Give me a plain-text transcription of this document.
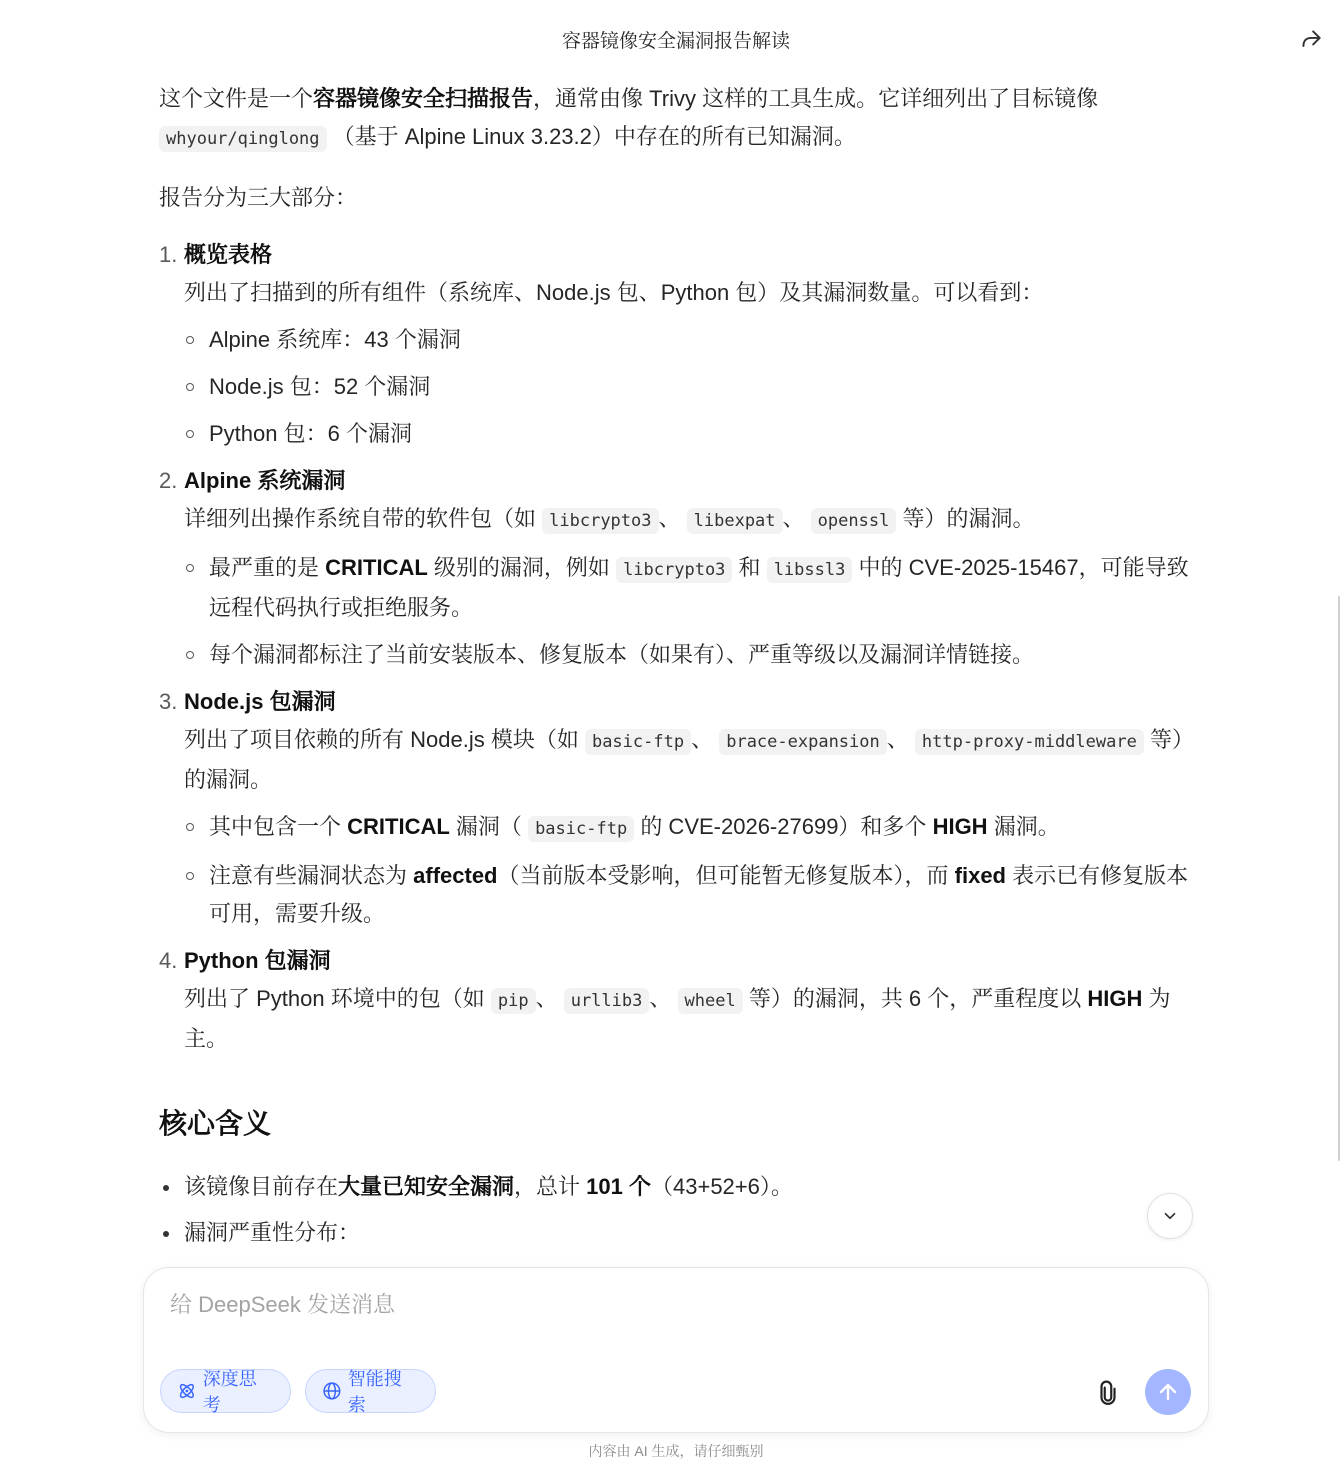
容器镜像安全漏洞报告解读

这个文件是一个容器镜像安全扫描报告，通常由像 Trivy 这样的工具生成。它详细列出了目标镜像
whyour/qinglong （基于 Alpine Linux 3.23.2）中存在的所有已知漏洞。

报告分为三大部分：

1. 概览表格
列出了扫描到的所有组件（系统库、Node.js 包、Python 包）及其漏洞数量。可以看到：
Alpine 系统库：43 个漏洞
Node.js 包：52 个漏洞
Python 包：6 个漏洞
2. Alpine 系统漏洞
详细列出操作系统自带的软件包（如 libcrypto3 、 libexpat 、 openssl 等）的漏洞。
最严重的是 CRITICAL 级别的漏洞，例如 libcrypto3 和 libssl3 中的 CVE-2025-15467，可能导致远程代码执行或拒绝服务。
每个漏洞都标注了当前安装版本、修复版本（如果有）、严重等级以及漏洞详情链接。
3. Node.js 包漏洞
列出了项目依赖的所有 Node.js 模块（如 basic-ftp 、 brace-expansion 、 http-proxy-middleware 等）的漏洞。
其中包含一个 CRITICAL 漏洞（ basic-ftp 的 CVE-2026-27699）和多个 HIGH 漏洞。
注意有些漏洞状态为 affected（当前版本受影响，但可能暂无修复版本），而 fixed 表示已有修复版本可用，需要升级。
4. Python 包漏洞
列出了 Python 环境中的包（如 pip 、 urllib3 、 wheel 等）的漏洞，共 6 个，严重程度以 HIGH 为主。
核心含义
该镜像目前存在大量已知安全漏洞，总计 101 个（43+52+6）。
漏洞严重性分布：
给 DeepSeek 发送消息
深度思考
智能搜索
内容由 AI 生成，请仔细甄别
